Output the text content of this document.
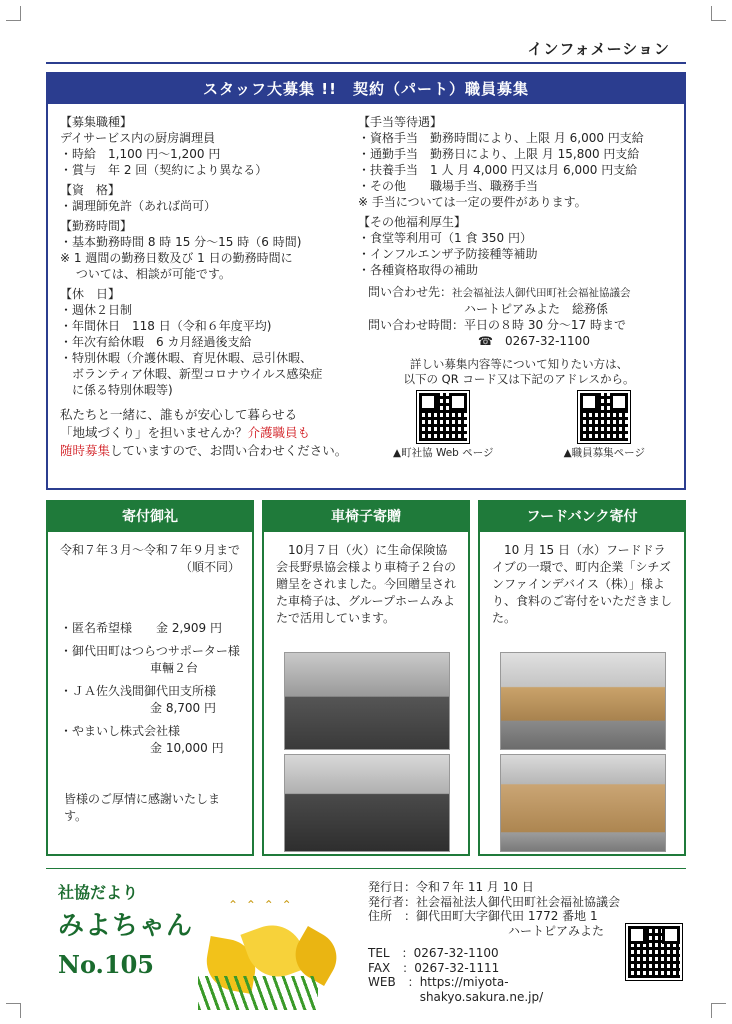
インフォメーション
スタッフ大募集 !!　契約（パート）職員募集
【募集職種】
デイサービス内の厨房調理員
・時給　1,100 円～1,200 円
・賞与　年 2 回（契約により異なる）
【資　格】
・調理師免許（あれば尚可）
【勤務時間】
・基本勤務時間 8 時 15 分～15 時（6 時間)
※ 1 週間の勤務日数及び 1 日の勤務時間に
　 ついては、相談が可能です。
【休　日】
・週休２日制
・年間休日　118 日（令和６年度平均)
・年次有給休暇　6 カ月経過後支給
・特別休暇（介護休暇、育児休暇、忌引休暇、
　ボランティア休暇、新型コロナウイルス感染症
　に係る特別休暇等)
私たちと一緒に、誰もが安心して暮らせる
「地域づくり」を担いませんか？介護職員も
随時募集していますので、お問い合わせください。
【手当等待遇】
・資格手当　勤務時間により、上限 月 6,000 円支給
・通勤手当　勤務日により、上限 月 15,800 円支給
・扶養手当　1 人 月 4,000 円又は月 6,000 円支給
・その他　　職場手当、職務手当
※ 手当については一定の要件があります。
【その他福利厚生】
・食堂等利用可（1 食 350 円）
・インフルエンザ予防接種等補助
・各種資格取得の補助
問い合わせ先：社会福祉法人御代田町社会福祉協議会
ハートピアみよた　総務係
問い合わせ時間：平日の８時 30 分～17 時まで
☎　0267-32-1100
詳しい募集内容等について知りたい方は、
以下の QR コード又は下記のアドレスから。
▲町社協 Web ページ	▲職員募集ページ
寄付御礼
令和７年３月～令和７年９月まで
（順不同）
・匿名希望様　　金 2,909 円
・御代田町はつらつサポーター様
車輛２台
・ＪＡ佐久浅間御代田支所様
金 8,700 円
・やまいし株式会社様
金 10,000 円
皆様のご厚情に感謝いたします。
車椅子寄贈
10月７日（火）に生命保険協会長野県協会様より車椅子２台の贈呈をされました。今回贈呈された車椅子は、グループホームみよたで活用しています。
フードバンク寄付
10 月 15 日（水）フードドライブの一環で、町内企業「シチズンファインデバイス（株）」様より、食料のご寄付をいただきました。
社協だより
みよちゃん
No.105
⌃ ⌃ ⌃ ⌃
発行日： 令和７年 11 月 10 日
発行者： 社会福祉法人御代田町社会福祉協議会
住所　： 御代田町大字御代田 1772 番地 1
ハートピアみよた
TEL　： 0267-32-1100
FAX　： 0267-32-1111
WEB　： https://miyota-shakyo.sakura.ne.jp/
